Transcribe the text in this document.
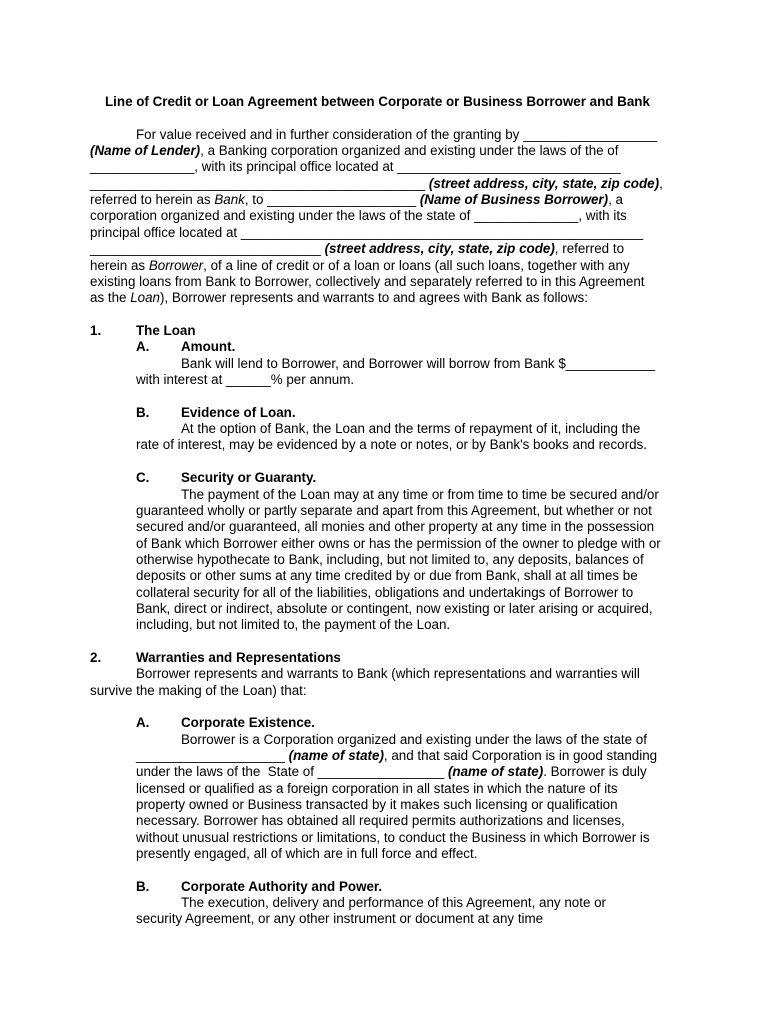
Line of Credit or Loan Agreement between Corporate or Business Borrower and Bank
For value received and in further consideration of the granting by __________________
(Name of Lender), a Banking corporation organized and existing under the laws of the of
______________, with its principal office located at ______________________________
_____________________________________________ (street address, city, state, zip code),
referred to herein as Bank, to ____________________ (Name of Business Borrower), a
corporation organized and existing under the laws of the state of ______________, with its
principal office located at ______________________________________________________
_______________________________ (street address, city, state, zip code), referred to
herein as Borrower, of a line of credit or of a loan or loans (all such loans, together with any
existing loans from Bank to Borrower, collectively and separately referred to in this Agreement
as the Loan), Borrower represents and warrants to and agrees with Bank as follows:
1.	The Loan
A. Amount.
Bank will lend to Borrower, and Borrower will borrow from Bank $____________
with interest at ______% per annum.
B. Evidence of Loan.
At the option of Bank, the Loan and the terms of repayment of it, including the
rate of interest, may be evidenced by a note or notes, or by Bank's books and records.
C. Security or Guaranty.
The payment of the Loan may at any time or from time to time be secured and/or
guaranteed wholly or partly separate and apart from this Agreement, but whether or not
secured and/or guaranteed, all monies and other property at any time in the possession
of Bank which Borrower either owns or has the permission of the owner to pledge with or
otherwise hypothecate to Bank, including, but not limited to, any deposits, balances of
deposits or other sums at any time credited by or due from Bank, shall at all times be
collateral security for all of the liabilities, obligations and undertakings of Borrower to
Bank, direct or indirect, absolute or contingent, now existing or later arising or acquired,
including, but not limited to, the payment of the Loan.
2.	Warranties and Representations
Borrower represents and warrants to Bank (which representations and warranties will
survive the making of the Loan) that:
A. Corporate Existence.
Borrower is a Corporation organized and existing under the laws of the state of
____________________ (name of state), and that said Corporation is in good standing
under the laws of the  State of _________________ (name of state). Borrower is duly
licensed or qualified as a foreign corporation in all states in which the nature of its
property owned or Business transacted by it makes such licensing or qualification
necessary. Borrower has obtained all required permits authorizations and licenses,
without unusual restrictions or limitations, to conduct the Business in which Borrower is
presently engaged, all of which are in full force and effect.
B. Corporate Authority and Power.
The execution, delivery and performance of this Agreement, any note or
security Agreement, or any other instrument or document at any time
